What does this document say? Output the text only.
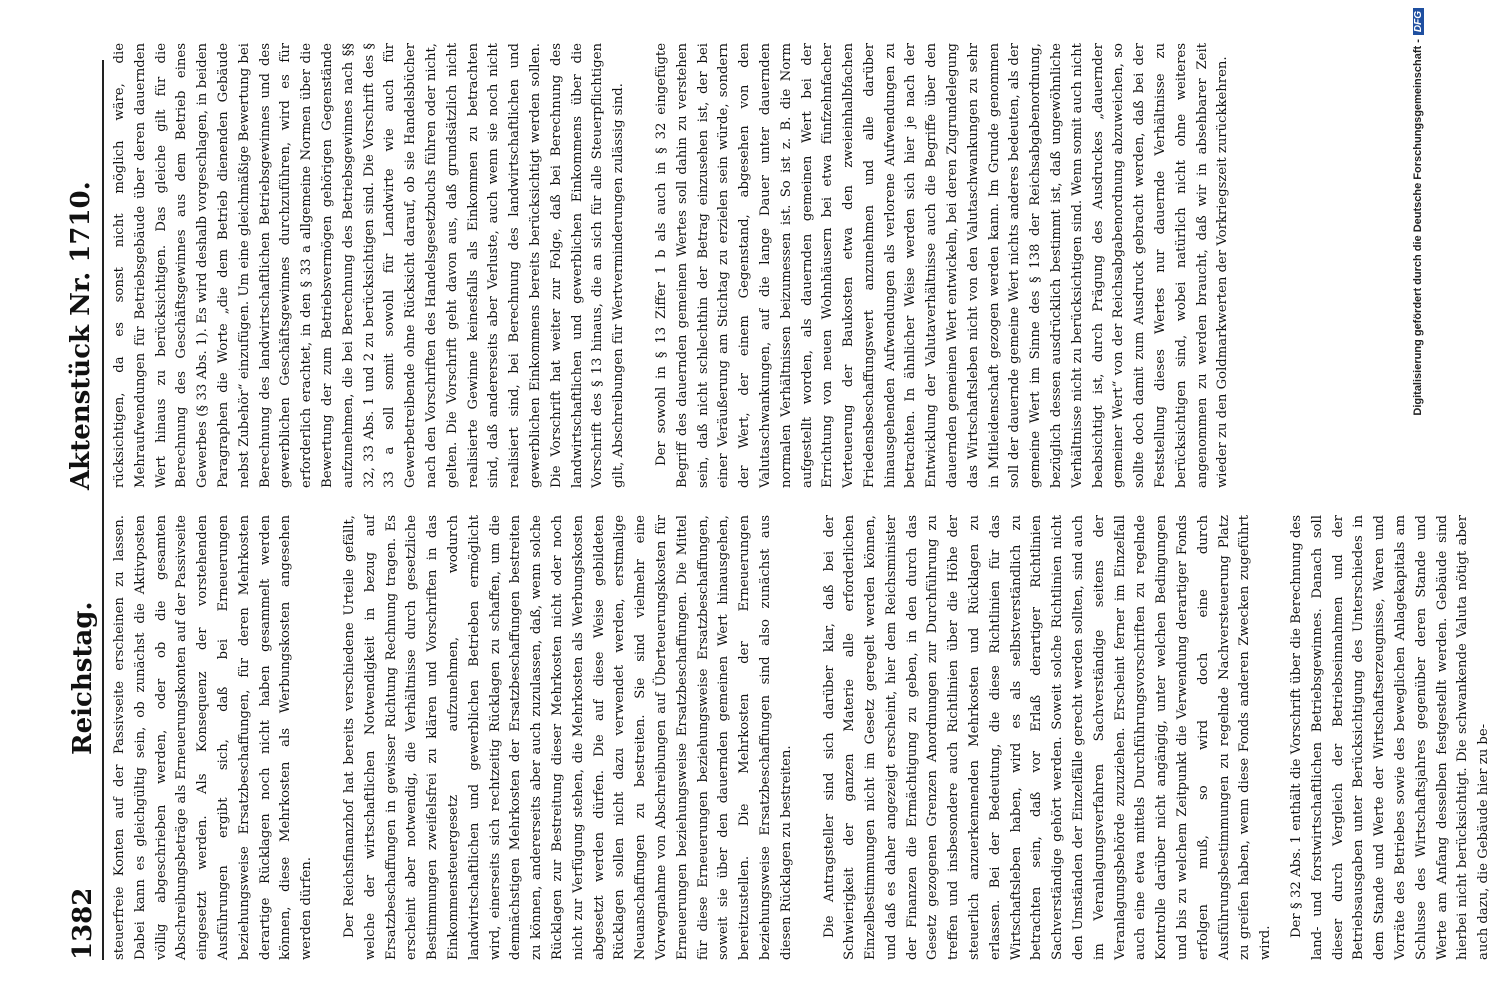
1382
Reichstag.
Aktenstück Nr. 1710.

steuerfreie Konten auf der Passivseite erscheinen zu lassen. Dabei kann es gleichgültig sein, ob zunächst die Aktivposten völlig abgeschrieben werden, oder ob die gesamten Abschreibungsbeträge als Erneuerungskonten auf der Passivseite eingesetzt werden. Als Konsequenz der vorstehenden Ausführungen ergibt sich, daß bei Erneuerungen beziehungsweise Ersatzbeschaffungen, für deren Mehrkosten derartige Rücklagen noch nicht haben gesammelt werden können, diese Mehrkosten als Werbungskosten angesehen werden dürfen. Der Reichsfinanzhof hat bereits verschiedene Urteile gefällt, welche der wirtschaftlichen Notwendigkeit in bezug auf Ersatzbeschaffungen in gewisser Richtung Rechnung tragen. Es erscheint aber notwendig, die Verhältnisse durch gesetzliche Bestimmungen zweifelsfrei zu klären und Vorschriften in das Einkommensteuergesetz aufzunehmen, wodurch landwirtschaftlichen und gewerblichen Betrieben ermöglicht wird, einerseits sich rechtzeitig Rücklagen zu schaffen, um die demnächstigen Mehrkosten der Ersatzbeschaffungen bestreiten zu können, andererseits aber auch zuzulassen, daß, wenn solche Rücklagen zur Bestreitung dieser Mehrkosten nicht oder noch nicht zur Verfügung stehen, die Mehrkosten als Werbungskosten abgesetzt werden dürfen. Die auf diese Weise gebildeten Rücklagen sollen nicht dazu verwendet werden, erstmalige Neuanschaffungen zu bestreiten. Sie sind vielmehr eine Vorwegnahme von Abschreibungen auf Überteuerungskosten für Erneuerungen beziehungsweise Ersatzbeschaffungen. Die Mittel für diese Erneuerungen beziehungsweise Ersatzbeschaffungen, soweit sie über den dauernden gemeinen Wert hinausgehen, bereitzustellen. Die Mehrkosten der Erneuerungen beziehungsweise Ersatzbeschaffungen sind also zunächst aus diesen Rücklagen zu bestreiten. Die Antragsteller sind sich darüber klar, daß bei der Schwierigkeit der ganzen Materie alle erforderlichen Einzelbestimmungen nicht im Gesetz geregelt werden können, und daß es daher angezeigt erscheint, hier dem Reichsminister der Finanzen die Ermächtigung zu geben, in den durch das Gesetz gezogenen Grenzen Anordnungen zur Durchführung zu treffen und insbesondere auch Richtlinien über die Höhe der steuerlich anzuerkennenden Mehrkosten und Rücklagen zu erlassen. Bei der Bedeutung, die diese Richtlinien für das Wirtschaftsleben haben, wird es als selbstverständlich zu betrachten sein, daß vor Erlaß derartiger Richtlinien Sachverständige gehört werden. Soweit solche Richtlinien nicht den Umständen der Einzelfälle gerecht werden sollten, sind auch im Veranlagungsverfahren Sachverständige seitens der Veranlagungsbehörde zuzuziehen. Erscheint ferner im Einzelfall auch eine etwa mittels Durchführungsvorschriften zu regelnde Kontrolle darüber nicht angängig, unter welchen Bedingungen und bis zu welchem Zeitpunkt die Verwendung derartiger Fonds erfolgen muß, so wird doch eine durch Ausführungsbestimmungen zu regelnde Nachversteuerung Platz zu greifen haben, wenn diese Fonds anderen Zwecken zugeführt wird.

Der § 32 Abs. 1 enthält die Vorschrift über die Berechnung des land- und forstwirtschaftlichen Betriebsgewinnes. Danach soll dieser durch Vergleich der Betriebseinnahmen und der Betriebsausgaben unter Berücksichtigung des Unterschiedes in dem Stande und Werte der Wirtschaftserzeugnisse, Waren und Vorräte des Betriebes sowie des beweglichen Anlagekapitals am Schlusse des Wirtschaftsjahres gegenüber deren Stande und Werte am Anfang desselben festgestellt werden. Gebäude sind hierbei nicht berücksichtigt. Die schwankende Valuta nötigt aber auch dazu, die Gebäude hier zu be-

rücksichtigen, da es sonst nicht möglich wäre, die Mehraufwendungen für Betriebsgebäude über deren dauernden Wert hinaus zu berücksichtigen. Das gleiche gilt für die Berechnung des Geschäftsgewinnes aus dem Betrieb eines Gewerbes (§ 33 Abs. 1). Es wird deshalb vorgeschlagen, in beiden Paragraphen die Worte „die dem Betrieb dienenden Gebäude nebst Zubehör“ einzufügen. Um eine gleichmäßige Bewertung bei Berechnung des landwirtschaftlichen Betriebsgewinnes und des gewerblichen Geschäftsgewinnes durchzuführen, wird es für erforderlich erachtet, in den § 33 a allgemeine Normen über die Bewertung der zum Betriebsvermögen gehörigen Gegenstände aufzunehmen, die bei Berechnung des Betriebsgewinnes nach §§ 32, 33 Abs. 1 und 2 zu berücksichtigen sind. Die Vorschrift des § 33 a soll somit sowohl für Landwirte wie auch für Gewerbetreibende ohne Rücksicht darauf, ob sie Handelsbücher nach den Vorschriften des Handelsgesetzbuchs führen oder nicht, gelten. Die Vorschrift geht davon aus, daß grundsätzlich nicht realisierte Gewinne keinesfalls als Einkommen zu betrachten sind, daß andererseits aber Verluste, auch wenn sie noch nicht realisiert sind, bei Berechnung des landwirtschaftlichen und gewerblichen Einkommens bereits berücksichtigt werden sollen. Die Vorschrift hat weiter zur Folge, daß bei Berechnung des landwirtschaftlichen und gewerblichen Einkommens über die Vorschrift des § 13 hinaus, die an sich für alle Steuerpflichtigen gilt, Abschreibungen für Wertverminderungen zulässig sind. Der sowohl in § 13 Ziffer 1 b als auch in § 32 eingefügte Begriff des dauernden gemeinen Wertes soll dahin zu verstehen sein, daß nicht schlechthin der Betrag einzusehen ist, der bei einer Veräußerung am Stichtag zu erzielen sein würde, sondern der Wert, der einem Gegenstand, abgesehen von den Valutaschwankungen, auf die lange Dauer unter dauernden normalen Verhältnissen beizumessen ist. So ist z. B. die Norm aufgestellt worden, als dauernden gemeinen Wert bei der Errichtung von neuen Wohnhäusern bei etwa fünfzehnfacher Verteuerung der Baukosten etwa den zweieinhalbfachen Friedensbeschaffungswert anzunehmen und alle darüber hinausgehenden Aufwendungen als verlorene Aufwendungen zu betrachten. In ähnlicher Weise werden sich hier je nach der Entwicklung der Valutaverhältnisse auch die Begriffe über den dauernden gemeinen Wert entwickeln, bei deren Zugrundelegung das Wirtschaftsleben nicht von den Valutaschwankungen zu sehr in Mitleidenschaft gezogen werden kann. Im Grunde genommen soll der dauernde gemeine Wert nichts anderes bedeuten, als der gemeine Wert im Sinne des § 138 der Reichsabgabenordnung, bezüglich dessen ausdrücklich bestimmt ist, daß ungewöhnliche Verhältnisse nicht zu berücksichtigen sind. Wenn somit auch nicht beabsichtigt ist, durch Prägung des Ausdruckes „dauernder gemeiner Wert“ von der Reichsabgabenordnung abzuweichen, so sollte doch damit zum Ausdruck gebracht werden, daß bei der Feststellung dieses Wertes nur dauernde Verhältnisse zu berücksichtigen sind, wobei natürlich nicht ohne weiteres angenommen zu werden braucht, daß wir in absehbarer Zeit wieder zu den Goldmarkwerten der Vorkriegszeit zurückkehren.	Digitalisierung gefördert durch die Deutsche Forschungsgemeinschaft -DFG
